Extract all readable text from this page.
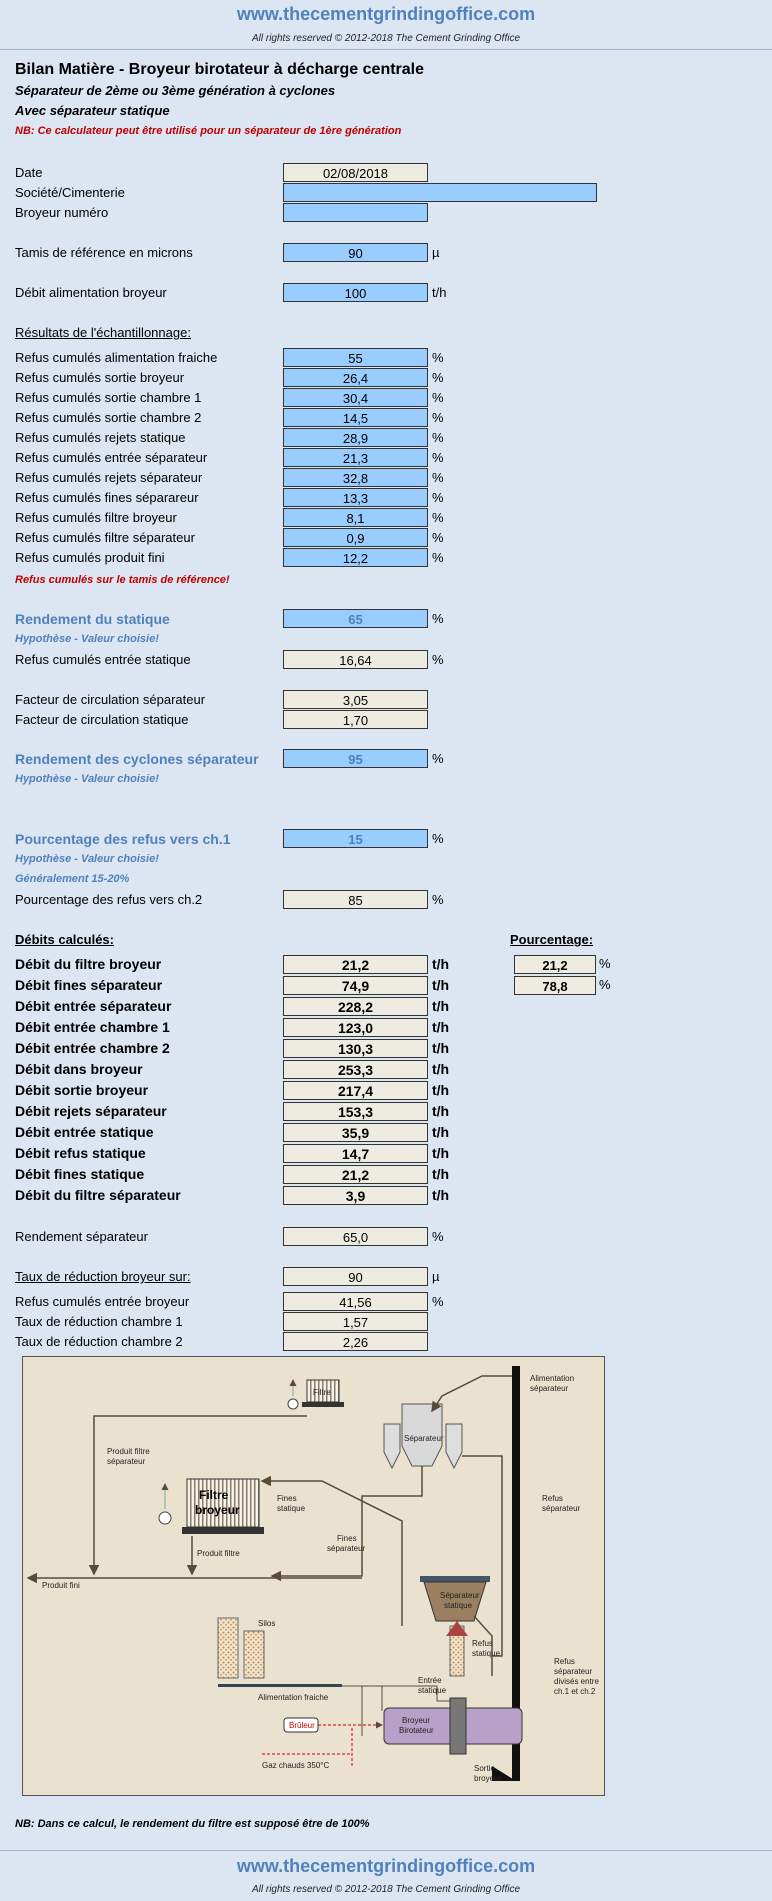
www.thecementgrindingoffice.com
All rights reserved © 2012-2018 The Cement Grinding Office
Bilan Matière - Broyeur birotateur à décharge centrale
Séparateur de 2ème ou 3ème génération à cyclones
Avec séparateur statique
NB: Ce calculateur peut être utilisé pour un séparateur de 1ère génération
Date	02/08/2018
Société/Cimenterie
Broyeur numéro
Tamis de référence en microns	90	µ
Débit alimentation broyeur	100	t/h
Résultats de l'échantillonnage:
Refus cumulés alimentation fraiche	55	%
Refus cumulés sortie broyeur	26,4	%
Refus cumulés sortie chambre 1	30,4	%
Refus cumulés sortie chambre 2	14,5	%
Refus cumulés rejets statique	28,9	%
Refus cumulés entrée séparateur	21,3	%
Refus cumulés rejets séparateur	32,8	%
Refus cumulés fines séparareur	13,3	%
Refus cumulés filtre broyeur	8,1	%
Refus cumulés filtre séparateur	0,9	%
Refus cumulés produit fini	12,2	%
Refus cumulés sur le tamis de référence!
Rendement du statique	65	%
Hypothèse - Valeur choisie!
Refus cumulés entrée statique	16,64	%
Facteur de circulation séparateur	3,05
Facteur de circulation statique	1,70
Rendement des cyclones séparateur	95	%
Hypothèse - Valeur choisie!
Pourcentage des refus vers ch.1	15	%
Hypothèse - Valeur choisie!
Généralement 15-20%
Pourcentage des refus vers ch.2	85	%
Débits calculés:	Pourcentage:
Débit du filtre broyeur	21,2	t/h	21,2	%
Débit fines séparateur	74,9	t/h	78,8	%
Débit entrée séparateur	228,2	t/h
Débit entrée chambre 1	123,0	t/h
Débit entrée chambre 2	130,3	t/h
Débit dans broyeur	253,3	t/h
Débit sortie broyeur	217,4	t/h
Débit rejets séparateur	153,3	t/h
Débit entrée statique	35,9	t/h
Débit refus statique	14,7	t/h
Débit fines statique	21,2	t/h
Débit du filtre séparateur	3,9	t/h
Rendement séparateur	65,0	%
Taux de réduction broyeur sur:	90	µ
Refus cumulés entrée broyeur	41,56	%
Taux de réduction chambre 1	1,57
Taux de réduction chambre 2	2,26
Filtre
Séparateur
Alimentation
séparateur
Produit filtre
séparateur
Refus
séparateur
Filtre
broyeur
Fines
statique
Fines
séparateur
Produit filtre
Produit fini
Séparateur
statique
Refus
statique
Refus
séparateur
divisés entre
ch.1 et ch.2
Entrée
statique
Silos
Alimentation fraiche
Brûleur
Gaz chauds 350°C
Broyeur
Birotateur
Sortie
broyeur
NB: Dans ce calcul, le rendement du filtre est supposé être de 100%
www.thecementgrindingoffice.com
All rights reserved © 2012-2018 The Cement Grinding Office
